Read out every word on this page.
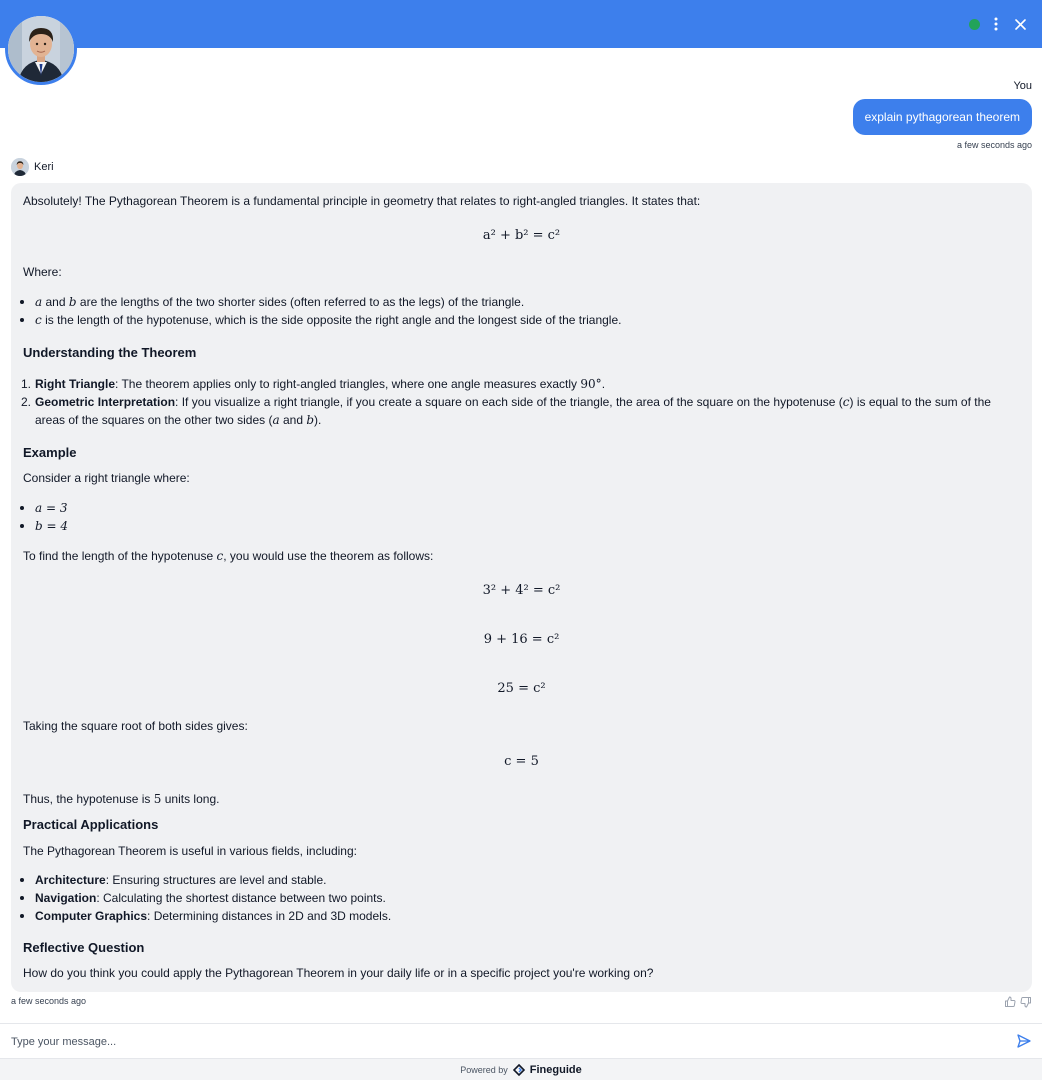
You
explain pythagorean theorem
a few seconds ago
Keri
Absolutely! The Pythagorean Theorem is a fundamental principle in geometry that relates to right-angled triangles. It states that:
a² + b² = c²
Where:
a and b are the lengths of the two shorter sides (often referred to as the legs) of the triangle.
c is the length of the hypotenuse, which is the side opposite the right angle and the longest side of the triangle.
Understanding the Theorem
1. Right Triangle: The theorem applies only to right-angled triangles, where one angle measures exactly 90°.
2. Geometric Interpretation: If you visualize a right triangle, if you create a square on each side of the triangle, the area of the square on the hypotenuse (c) is equal to the sum of the
areas of the squares on the other two sides (a and b).
Example
Consider a right triangle where:
a = 3
b = 4
To find the length of the hypotenuse c, you would use the theorem as follows:
3² + 4² = c²
9 + 16 = c²
25 = c²
Taking the square root of both sides gives:
c = 5
Thus, the hypotenuse is 5 units long.
Practical Applications
The Pythagorean Theorem is useful in various fields, including:
Architecture: Ensuring structures are level and stable.
Navigation: Calculating the shortest distance between two points.
Computer Graphics: Determining distances in 2D and 3D models.
Reflective Question
How do you think you could apply the Pythagorean Theorem in your daily life or in a specific project you're working on?
a few seconds ago
Type your message...
Powered by Fineguide
